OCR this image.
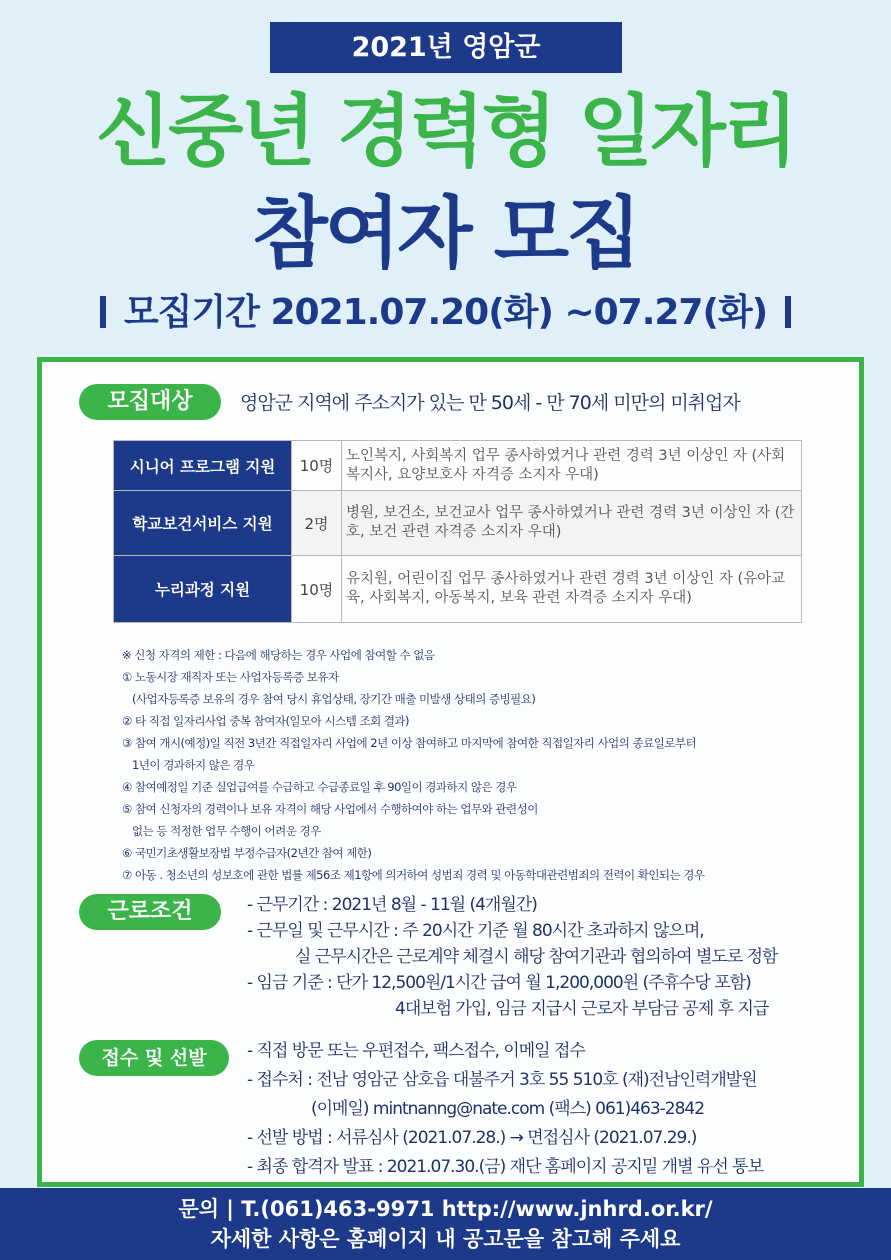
2021년 영암군
신중년 경력형 일자리
참여자 모집
모집기간 2021.07.20(화) ~07.27(화)
모집대상	영암군 지역에 주소지가 있는 만 50세 - 만 70세 미만의 미취업자
시니어 프로그램 지원	10명	노인복지, 사회복지 업무 종사하였거나 관련 경력 3년 이상인 자 (사회복지사, 요양보호사 자격증 소지자 우대)
학교보건서비스 지원	2명	병원, 보건소, 보건교사 업무 종사하였거나 관련 경력 3년 이상인 자 (간호, 보건 관련 자격증 소지자 우대)
누리과정 지원	10명	유치원, 어린이집 업무 종사하였거나 관련 경력 3년 이상인 자 (유아교육, 사회복지, 아동복지, 보육 관련 자격증 소지자 우대)
※ 신청 자격의 제한 : 다음에 해당하는 경우 사업에 참여할 수 없음
① 노동시장 재직자 또는 사업자등록증 보유자
(사업자등록증 보유의 경우 참여 당시 휴업상태, 장기간 매출 미발생 상태의 증빙필요)
② 타 직접 일자리사업 중복 참여자(일모아 시스템 조회 결과)
③ 참여 개시(예정)일 직전 3년간 직접일자리 사업에 2년 이상 참여하고 마지막에 참여한 직접일자리 사업의 종료일로부터
1년이 경과하지 않은 경우
④ 참여예정일 기준 실업급여를 수급하고 수급종료일 후 90일이 경과하지 않은 경우
⑤ 참여 신청자의 경력이나 보유 자격이 해당 사업에서 수행하여야 하는 업무와 관련성이
없는 등 적정한 업무 수행이 어려운 경우
⑥ 국민기초생활보장법 부정수급자(2년간 참여 제한)
⑦ 아동 . 청소년의 성보호에 관한 법률 제56조 제1항에 의거하여 성범죄 경력 및 아동학대관련범죄의 전력이 확인되는 경우
근로조건	- 근무기간 : 2021년 8월 - 11월 (4개월간)
- 근무일 및 근무시간 : 주 20시간 기준 월 80시간 초과하지 않으며,
실 근무시간은 근로계약 체결시 해당 참여기관과 협의하여 별도로 정함
- 임금 기준 : 단가 12,500원/1시간 급여 월 1,200,000원 (주휴수당 포함)
4대보험 가입, 임금 지급시 근로자 부담금 공제 후 지급
접수 및 선발	- 직접 방문 또는 우편접수, 팩스접수, 이메일 접수
- 접수처 : 전남 영암군 삼호읍 대불주거 3호 55 510호 (재)전남인력개발원
(이메일) mintnanng@nate.com (팩스) 061)463-2842
- 선발 방법 : 서류심사 (2021.07.28.) → 면접심사 (2021.07.29.)
- 최종 합격자 발표 : 2021.07.30.(금) 재단 홈페이지 공지밑 개별 유선 통보
문의 | T.(061)463-9971 http://www.jnhrd.or.kr/
자세한 사항은 홈페이지 내 공고문을 참고해 주세요
